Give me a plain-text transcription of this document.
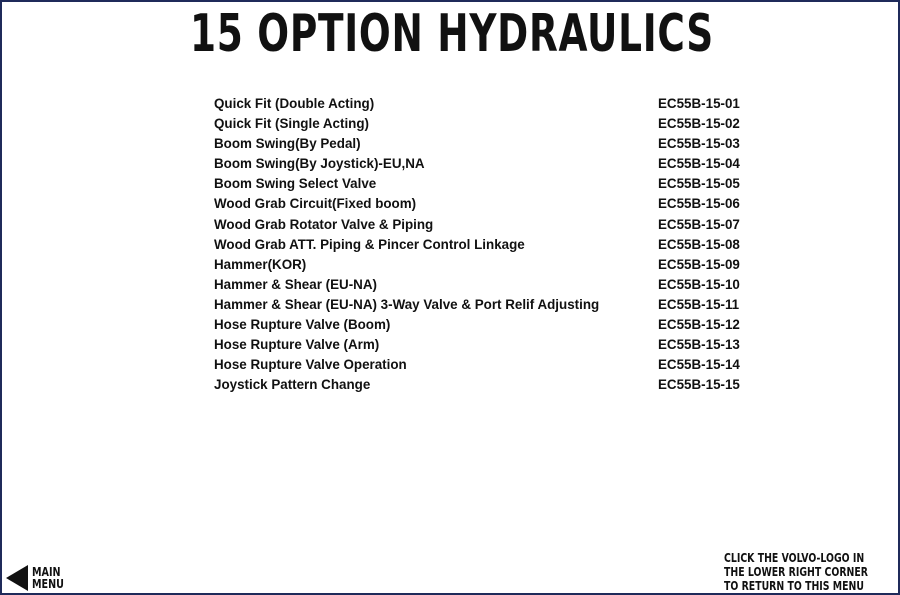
15 OPTION HYDRAULICS
Quick Fit (Double Acting)	EC55B-15-01
Quick Fit (Single Acting)	EC55B-15-02
Boom Swing(By Pedal)	EC55B-15-03
Boom Swing(By Joystick)-EU,NA	EC55B-15-04
Boom Swing Select Valve	EC55B-15-05
Wood Grab Circuit(Fixed boom)	EC55B-15-06
Wood Grab Rotator Valve & Piping	EC55B-15-07
Wood Grab ATT. Piping & Pincer Control Linkage	EC55B-15-08
Hammer(KOR)	EC55B-15-09
Hammer & Shear (EU-NA)	EC55B-15-10
Hammer & Shear (EU-NA) 3-Way Valve & Port Relif Adjusting	EC55B-15-11
Hose Rupture Valve (Boom)	EC55B-15-12
Hose Rupture Valve (Arm)	EC55B-15-13
Hose Rupture Valve Operation	EC55B-15-14
Joystick Pattern Change	EC55B-15-15
MAIN
MENU
CLICK THE VOLVO-LOGO IN
THE LOWER RIGHT CORNER
TO RETURN TO THIS MENU
